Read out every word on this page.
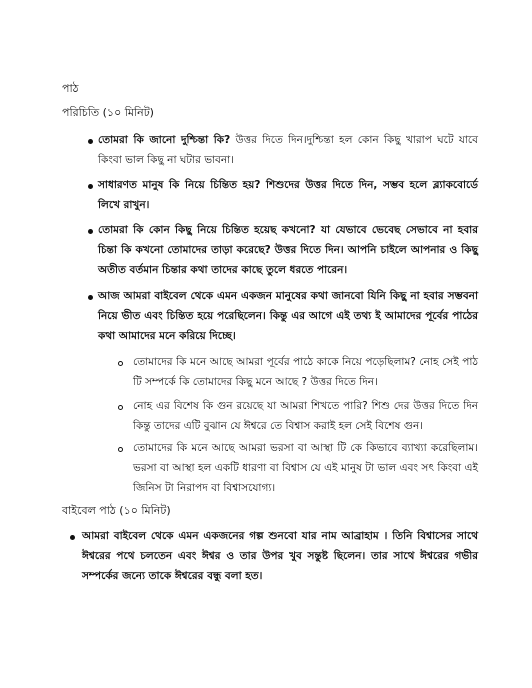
পাঠ
পরিচিতি (১০ মিনিট)
তোমরা কি জানো দুশ্চিন্তা কি? উত্তর দিতে দিন।দুশ্চিন্তা হল কোন কিছু খারাপ ঘটে যাবে কিংবা ভাল কিছু না ঘটার ভাবনা।
সাধারণত মানুষ কি নিয়ে চিন্তিত হয়? শিশুদের উত্তর দিতে দিন, সম্ভব হলে ব্ল্যাকবোর্ডে লিখে রাখুন।
তোমরা কি কোন কিছু নিয়ে চিন্তিত হয়েছ কখনো? যা যেভাবে ভেবেছ সেভাবে না হবার চিন্তা কি কখনো তোমাদের তাড়া করেছে? উত্তর দিতে দিন। আপনি চাইলে আপনার ও কিছু অতীত বর্তমান চিন্তার কথা তাদের কাছে তুলে ধরতে পারেন।
আজ আমরা বাইবেল থেকে এমন একজন মানুষের কথা জানবো যিনি কিছু না হবার সম্ভবনা নিয়ে ভীত এবং চিন্তিত হয়ে পরেছিলেন। কিন্তু এর আগে এই তথ্য ই আমাদের পূর্বের পাঠের কথা আমাদের মনে করিয়ে দিচ্ছে।
তোমাদের কি মনে আছে আমরা পূর্বের পাঠে কাকে নিয়ে পড়েছিলাম? নোহ সেই পাঠ টি সম্পর্কে কি তোমাদের কিছু মনে আছে ? উত্তর দিতে দিন।
নোহ এর বিশেষ কি গুন রয়েছে যা আমরা শিখতে পারি? শিশু দের উত্তর দিতে দিন কিন্তু তাদের এটি বুঝান যে ঈশ্বরে তে বিশ্বাস করাই হল সেই বিশেষ গুন।
তোমাদের কি মনে আছে আমরা ভরসা বা আস্থা টি কে কিভাবে ব্যাখ্যা করেছিলাম। ভরসা বা আস্থা হল একটি ধারণা বা বিশ্বাস যে এই মানুষ টা ভাল এবং সৎ কিংবা এই জিনিস টা নিরাপদ বা বিশ্বাসযোগ্য।
বাইবেল পাঠ (১০ মিনিট)
আমরা বাইবেল থেকে এমন একজনের গল্প শুনবো যার নাম আব্রাহাম । তিনি বিশ্বাসের সাথে ঈশ্বরের পথে চলতেন এবং ঈশ্বর ও তার উপর খুব সন্তুষ্ট ছিলেন। তার সাথে ঈশ্বরের গভীর সম্পর্কের জন্যে তাকে ঈশ্বরের বন্ধু বলা হত।
